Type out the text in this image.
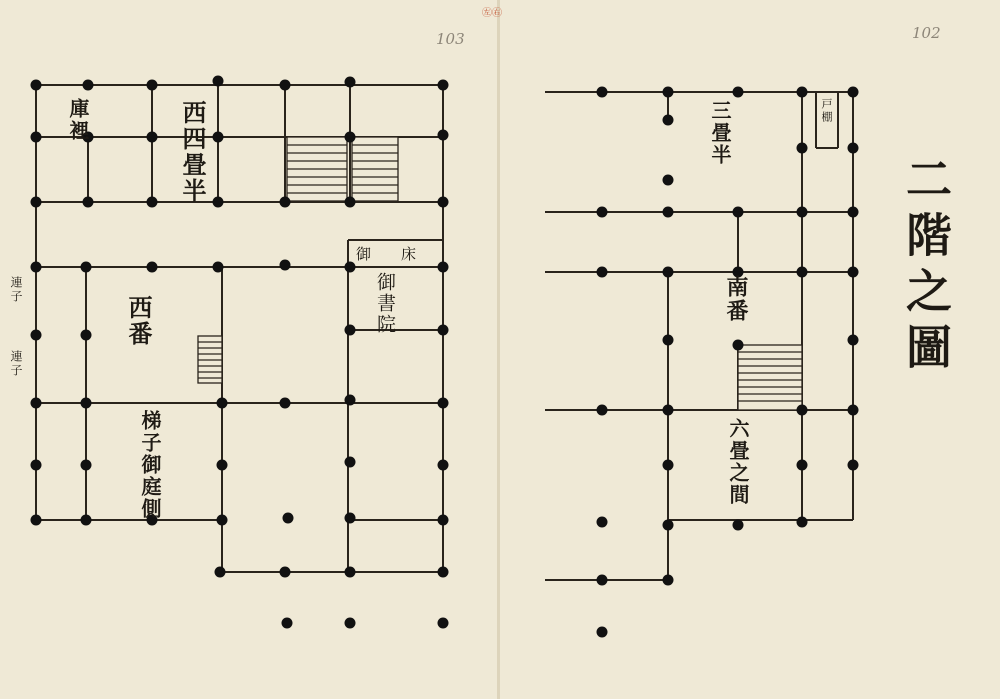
㊧㊨
103	102
二階之圖
西四畳半
庫裡
西番
梯子御庭側
御書院
御床
連子
連子
三畳半
南番
六畳之間
戸棚
